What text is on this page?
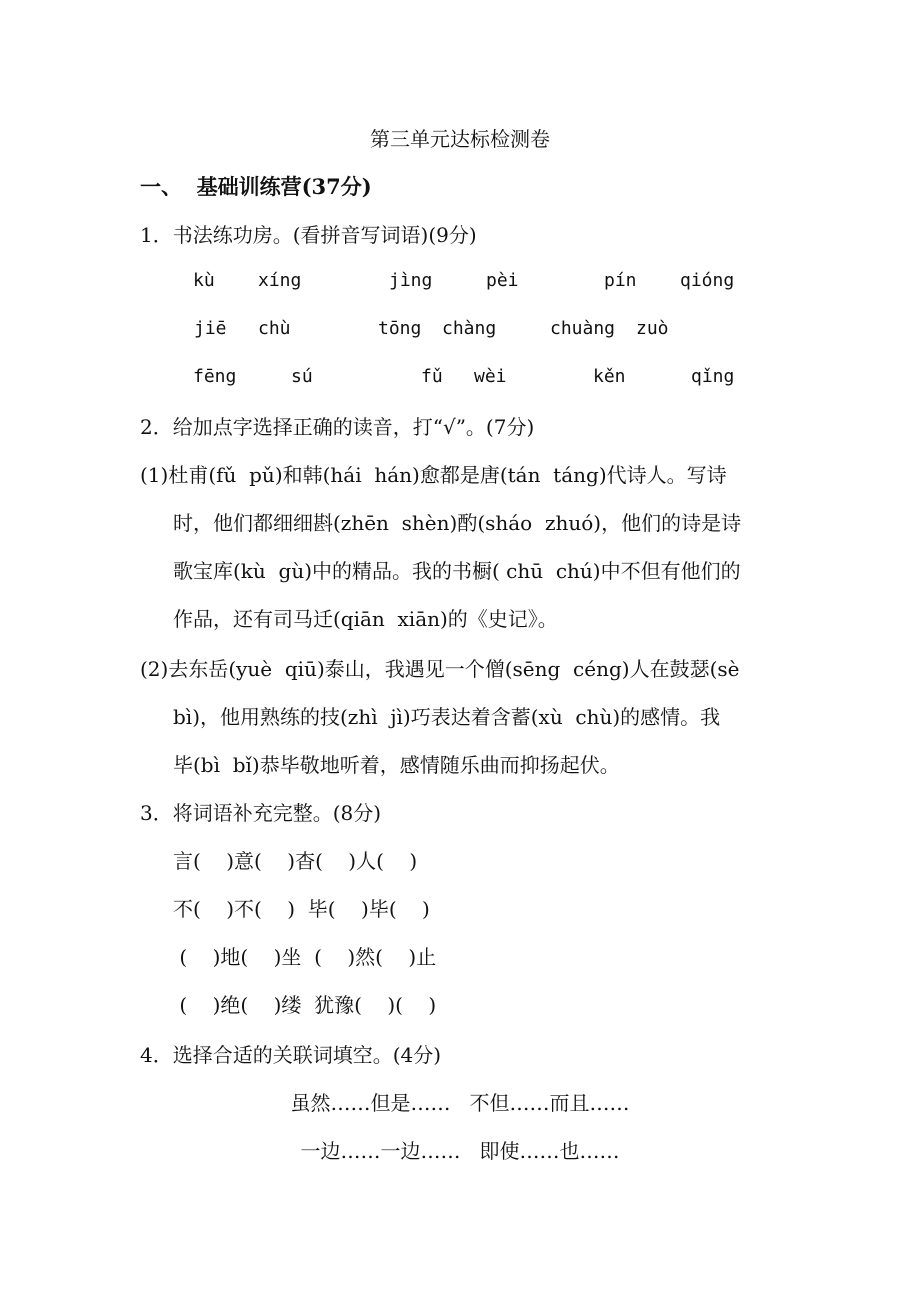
第三单元达标检测卷
一、  基础训练营(37分)
1．书法练功房。(看拼音写词语)(9分)
kù xíng	jìng	pèi	pín qióng
jiē chù	tōng chàng	chuàng zuò
fēng	sú	fǔ wèi	kěn	qǐng
2．给加点字选择正确的读音，打“√”。(7分)
(1)杜甫(fǔ  pǔ)和韩(hái  hán)愈都是唐(tán  táng)代诗人。写诗
时，他们都细细斟(zhēn  shèn)酌(sháo  zhuó)，他们的诗是诗
歌宝库(kù  gù)中的精品。我的书橱( chū  chú)中不但有他们的
作品，还有司马迁(qiān  xiān)的《史记》。
(2)去东岳(yuè  qiū)泰山，我遇见一个僧(sēng  céng)人在鼓瑟(sè
bì)，他用熟练的技(zhì  jì)巧表达着含蓄(xù  chù)的感情。我
毕(bì  bǐ)恭毕敬地听着，感情随乐曲而抑扬起伏。
3．将词语补充完整。(8分)
言(    )意(    )杳(    )人(    )
不(    )不(    )  毕(    )毕(    )
(    )地(    )坐  (    )然(    )止
(    )绝(    )缕  犹豫(    )(    )
4．选择合适的关联词填空。(4分)
虽然……但是……   不但……而且……
一边……一边……   即使……也……
